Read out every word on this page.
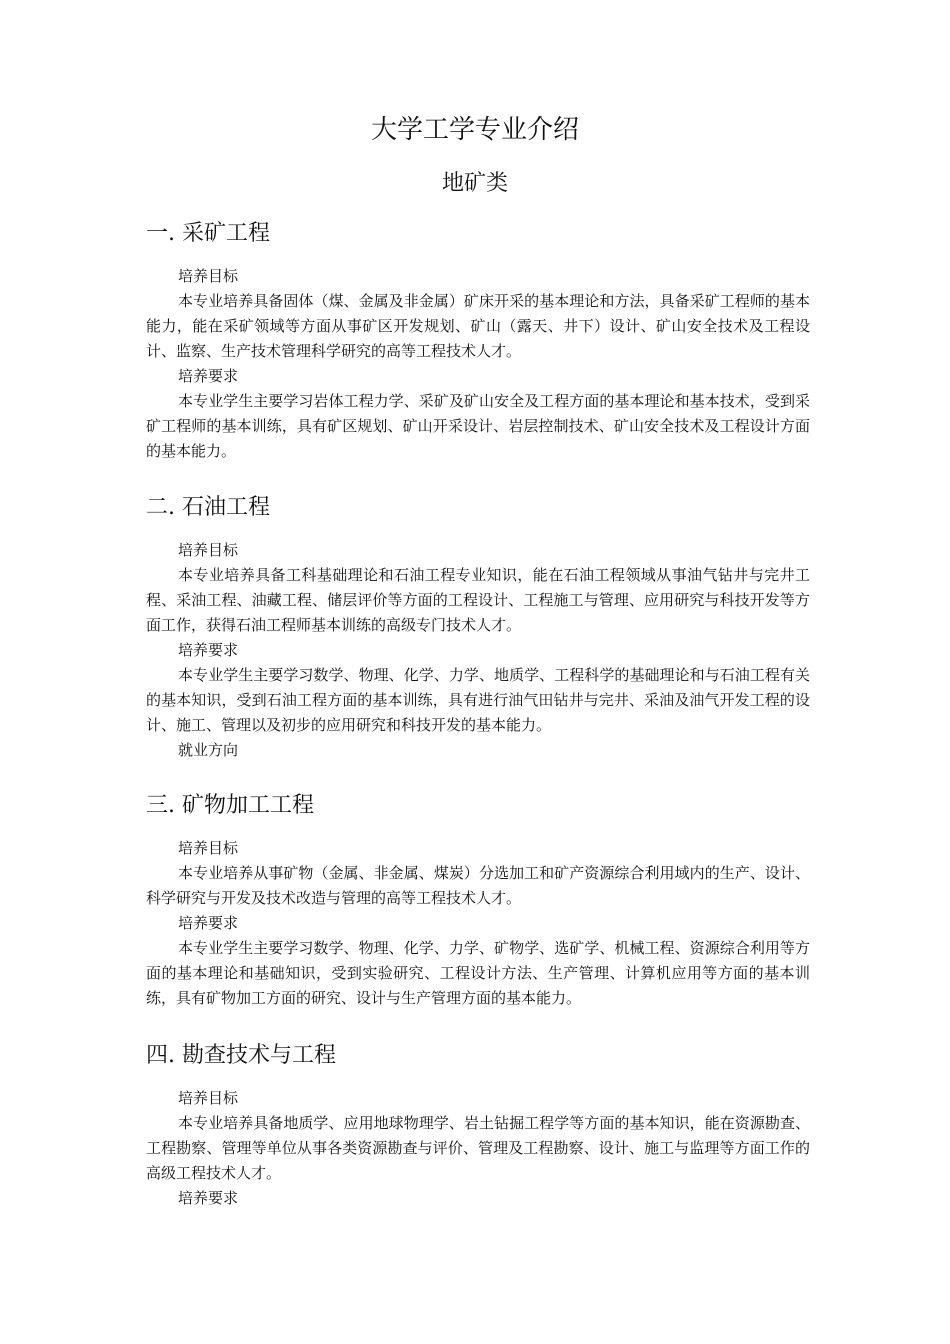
大学工学专业介绍
地矿类
一. 采矿工程

培养目标

本专业培养具备固体（煤、金属及非金属）矿床开采的基本理论和方法，具备采矿工程师的基本能力，能在采矿领域等方面从事矿区开发规划、矿山（露天、井下）设计、矿山安全技术及工程设计、监察、生产技术管理科学研究的高等工程技术人才。

培养要求

本专业学生主要学习岩体工程力学、采矿及矿山安全及工程方面的基本理论和基本技术，受到采矿工程师的基本训练，具有矿区规划、矿山开采设计、岩层控制技术、矿山安全技术及工程设计方面的基本能力。

二. 石油工程

培养目标

本专业培养具备工科基础理论和石油工程专业知识，能在石油工程领域从事油气钻井与完井工程、采油工程、油藏工程、储层评价等方面的工程设计、工程施工与管理、应用研究与科技开发等方面工作，获得石油工程师基本训练的高级专门技术人才。

培养要求

本专业学生主要学习数学、物理、化学、力学、地质学、工程科学的基础理论和与石油工程有关的基本知识，受到石油工程方面的基本训练，具有进行油气田钻井与完井、采油及油气开发工程的设计、施工、管理以及初步的应用研究和科技开发的基本能力。

就业方向

三. 矿物加工工程

培养目标

本专业培养从事矿物（金属、非金属、煤炭）分选加工和矿产资源综合利用域内的生产、设计、科学研究与开发及技术改造与管理的高等工程技术人才。

培养要求

本专业学生主要学习数学、物理、化学、力学、矿物学、选矿学、机械工程、资源综合利用等方面的基本理论和基础知识，受到实验研究、工程设计方法、生产管理、计算机应用等方面的基本训练，具有矿物加工方面的研究、设计与生产管理方面的基本能力。

四. 勘查技术与工程

培养目标

本专业培养具备地质学、应用地球物理学、岩土钻掘工程学等方面的基本知识，能在资源勘查、工程勘察、管理等单位从事各类资源勘查与评价、管理及工程勘察、设计、施工与监理等方面工作的高级工程技术人才。

培养要求
